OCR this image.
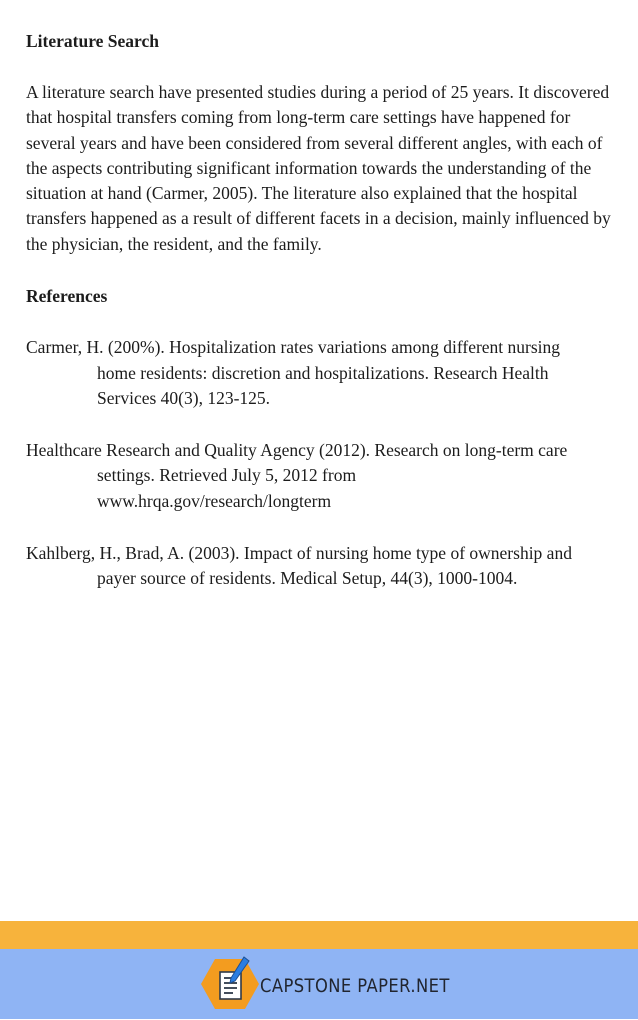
Literature Search

A literature search have presented studies during a period of 25 years. It discovered that hospital transfers coming from long-term care settings have happened for several years and have been considered from several different angles, with each of the aspects contributing significant information towards the understanding of the situation at hand (Carmer, 2005). The literature also explained that the hospital transfers happened as a result of different facets in a decision, mainly influenced by the physician, the resident, and the family.

References

Carmer, H. (200%). Hospitalization rates variations among different nursing home residents: discretion and hospitalizations. Research Health Services 40(3), 123-125.

Healthcare Research and Quality Agency (2012). Research on long-term care settings. Retrieved July 5, 2012 from www.hrqa.gov/research/longterm

Kahlberg, H., Brad, A. (2003). Impact of nursing home type of ownership and payer source of residents. Medical Setup, 44(3), 1000-1004.

CAPSTONE PAPER.NET
